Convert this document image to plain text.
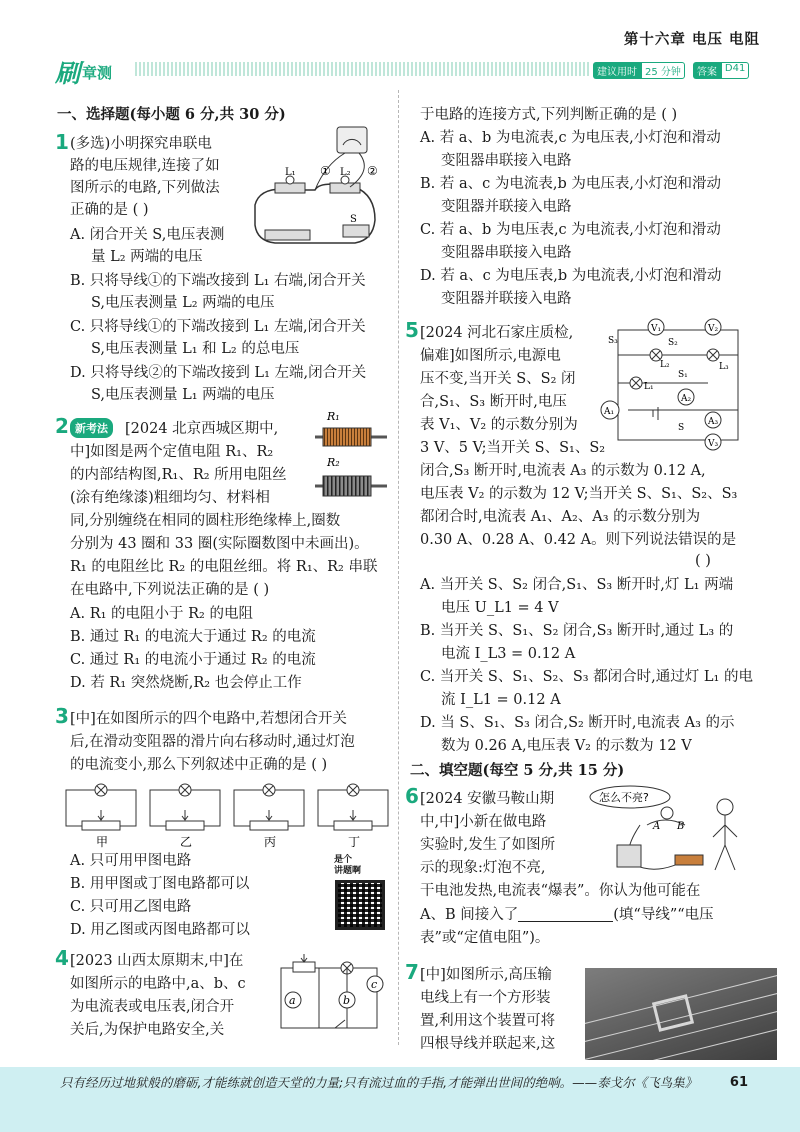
第十六章 电压 电阻
刷 章测	建议用时 25 分钟	答案 D41
一、选择题(每小题 6 分,共 30 分)
1 (多选)小明探究串联电
路的电压规律,连接了如
图所示的电路,下列做法
正确的是 ( )
A. 闭合开关 S,电压表测
量 L₂ 两端的电压
B. 只将导线①的下端改接到 L₁ 右端,闭合开关
S,电压表测量 L₂ 两端的电压
C. 只将导线①的下端改接到 L₁ 左端,闭合开关
S,电压表测量 L₁ 和 L₂ 的总电压
D. 只将导线②的下端改接到 L₁ 左端,闭合开关
S,电压表测量 L₁ 两端的电压
L₁	L₂
①	②
S
2 新考法	[2024 北京西城区期中,
中]如图是两个定值电阻 R₁、R₂
的内部结构图,R₁、R₂ 所用电阻丝
(涂有绝缘漆)粗细均匀、材料相
同,分别缠绕在相同的圆柱形绝缘棒上,圈数
分别为 43 圈和 33 圈(实际圈数图中未画出)。
R₁ 的电阻丝比 R₂ 的电阻丝细。将 R₁、R₂ 串联
在电路中,下列说法正确的是 ( )
A. R₁ 的电阻小于 R₂ 的电阻
B. 通过 R₁ 的电流大于通过 R₂ 的电流
C. 通过 R₁ 的电流小于通过 R₂ 的电流
D. 若 R₁ 突然烧断,R₂ 也会停止工作
R₁
R₂
3 [中]在如图所示的四个电路中,若想闭合开关
后,在滑动变阻器的滑片向右移动时,通过灯泡
的电流变小,那么下列叙述中正确的是 ( )
甲	乙	丙	丁
A. 只可用甲图电路
B. 用甲图或丁图电路都可以
C. 只可用乙图电路
D. 用乙图或丙图电路都可以
是个
讲题啊
4 [2023 山西太原期末,中]在
如图所示的电路中,a、b、c
为电流表或电压表,闭合开
关后,为保护电路安全,关
a	b
c
于电路的连接方式,下列判断正确的是 ( )
A. 若 a、b 为电流表,c 为电压表,小灯泡和滑动
变阻器串联接入电路
B. 若 a、c 为电流表,b 为电压表,小灯泡和滑动
变阻器并联接入电路
C. 若 a、b 为电压表,c 为电流表,小灯泡和滑动
变阻器串联接入电路
D. 若 a、c 为电压表,b 为电流表,小灯泡和滑动
变阻器并联接入电路
5 [2024 河北石家庄质检,
偏难]如图所示,电源电
压不变,当开关 S、S₂ 闭
合,S₁、S₃ 断开时,电压
表 V₁、V₂ 的示数分别为
3 V、5 V;当开关 S、S₁、S₂
闭合,S₃ 断开时,电流表 A₃ 的示数为 0.12 A,
电压表 V₂ 的示数为 12 V;当开关 S、S₁、S₂、S₃
都闭合时,电流表 A₁、A₂、A₃ 的示数分别为
0.30 A、0.28 A、0.42 A。则下列说法错误的是
( )
A. 当开关 S、S₂ 闭合,S₁、S₃ 断开时,灯 L₁ 两端
电压 U_L1 = 4 V
B. 当开关 S、S₁、S₂ 闭合,S₃ 断开时,通过 L₃ 的
电流 I_L3 = 0.12 A
C. 当开关 S、S₁、S₂、S₃ 都闭合时,通过灯 L₁ 的电
流 I_L1 = 0.12 A
D. 当 S、S₁、S₃ 闭合,S₂ 断开时,电流表 A₃ 的示
数为 0.26 A,电压表 V₂ 的示数为 12 V
V₁	V₂
V₃
A₁
A₂
A₃
S
S₁
S₂
S₃
L₁
L₂	L₃
二、填空题(每空 5 分,共 15 分)
6 [2024 安徽马鞍山期
中,中]小新在做电路
实验时,发生了如图所
示的现象:灯泡不亮,
干电池发热,电流表“爆表”。你认为他可能在
A、B 间接入了	(填“导线”“电压
表”或“定值电阻”)。
怎么不亮?
A B
7 [中]如图所示,高压输
电线上有一个方形装
置,利用这个装置可将
四根导线并联起来,这
只有经历过地狱般的磨砺,才能练就创造天堂的力量;只有流过血的手指,才能弹出世间的绝响。——泰戈尔《飞鸟集》	61
